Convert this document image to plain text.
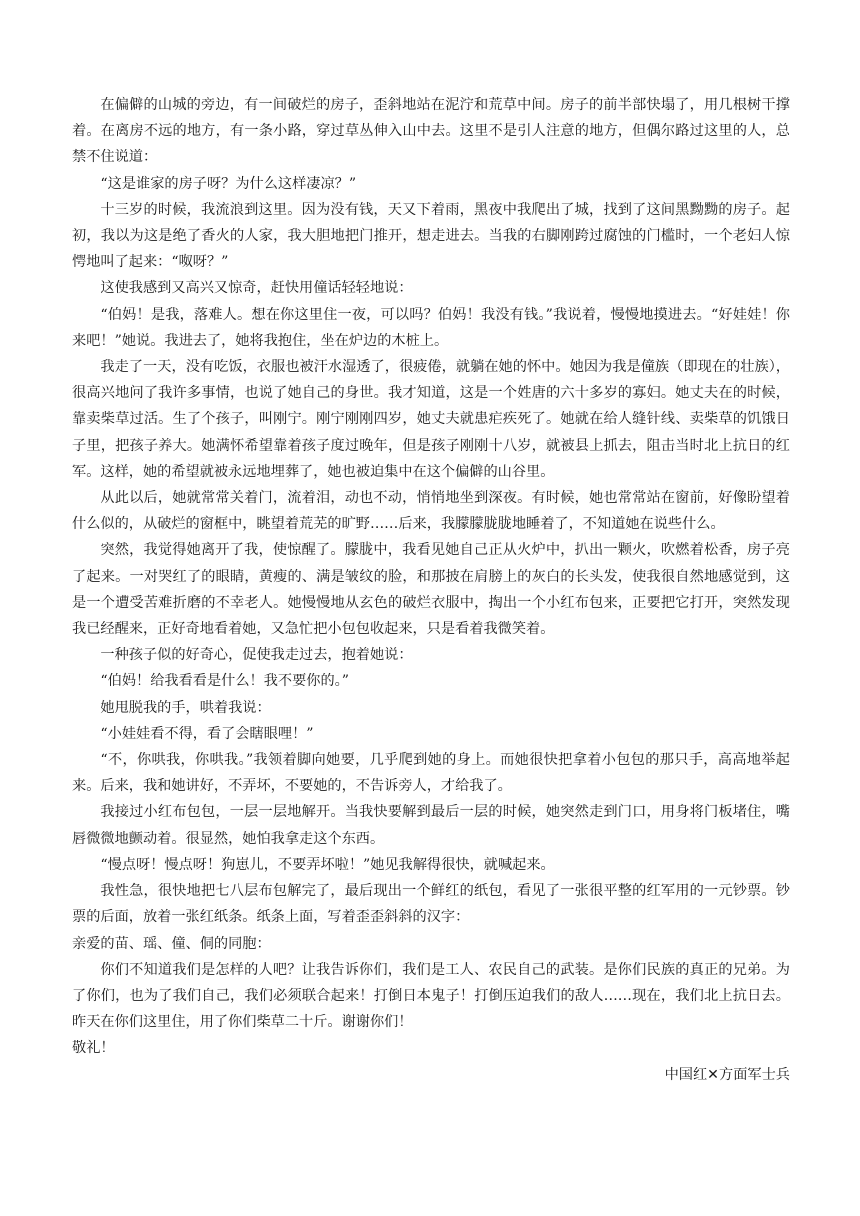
在偏僻的山城的旁边，有一间破烂的房子，歪斜地站在泥泞和荒草中间。房子的前半部快塌了，用几根树干撑着。在离房不远的地方，有一条小路，穿过草丛伸入山中去。这里不是引人注意的地方，但偶尔路过这里的人，总禁不住说道：

“这是谁家的房子呀？为什么这样凄凉？”

十三岁的时候，我流浪到这里。因为没有钱，天又下着雨，黑夜中我爬出了城，找到了这间黑黝黝的房子。起初，我以为这是绝了香火的人家，我大胆地把门推开，想走进去。当我的右脚刚跨过腐蚀的门槛时，一个老妇人惊愕地叫了起来：“呶呀？”

这使我感到又高兴又惊奇，赶快用僮话轻轻地说：

“伯妈！是我，落难人。想在你这里住一夜，可以吗？伯妈！我没有钱。”我说着，慢慢地摸进去。“好娃娃！你来吧！”她说。我进去了，她将我抱住，坐在炉边的木桩上。

我走了一天，没有吃饭，衣服也被汗水湿透了，很疲倦，就躺在她的怀中。她因为我是僮族（即现在的壮族），很高兴地问了我许多事情，也说了她自己的身世。我才知道，这是一个姓唐的六十多岁的寡妇。她丈夫在的时候，靠卖柴草过活。生了个孩子，叫刚宁。刚宁刚刚四岁，她丈夫就患疟疾死了。她就在给人缝针线、卖柴草的饥饿日子里，把孩子养大。她满怀希望靠着孩子度过晚年，但是孩子刚刚十八岁，就被县上抓去，阻击当时北上抗日的红军。这样，她的希望就被永远地埋葬了，她也被迫集中在这个偏僻的山谷里。

从此以后，她就常常关着门，流着泪，动也不动，悄悄地坐到深夜。有时候，她也常常站在窗前，好像盼望着什么似的，从破烂的窗框中，眺望着荒芜的旷野……后来，我朦朦胧胧地睡着了，不知道她在说些什么。

突然，我觉得她离开了我，使惊醒了。朦胧中，我看见她自己正从火炉中，扒出一颗火，吹燃着松香，房子亮了起来。一对哭红了的眼睛，黄瘦的、满是皱纹的脸，和那披在肩膀上的灰白的长头发，使我很自然地感觉到，这是一个遭受苦难折磨的不幸老人。她慢慢地从玄色的破烂衣服中，掏出一个小红布包来，正要把它打开，突然发现我已经醒来，正好奇地看着她，又急忙把小包包收起来，只是看着我微笑着。

一种孩子似的好奇心，促使我走过去，抱着她说：

“伯妈！给我看看是什么！我不要你的。”

她甩脱我的手，哄着我说：

“小娃娃看不得，看了会瞎眼哩！”

“不，你哄我，你哄我。”我领着脚向她要，几乎爬到她的身上。而她很快把拿着小包包的那只手，高高地举起来。后来，我和她讲好，不弄坏，不要她的，不告诉旁人，才给我了。

我接过小红布包包，一层一层地解开。当我快要解到最后一层的时候，她突然走到门口，用身将门板堵住，嘴唇微微地颤动着。很显然，她怕我拿走这个东西。

“慢点呀！慢点呀！狗崽儿，不要弄坏啦！”她见我解得很快，就喊起来。

我性急，很快地把七八层布包解完了，最后现出一个鲜红的纸包，看见了一张很平整的红军用的一元钞票。钞票的后面，放着一张红纸条。纸条上面，写着歪歪斜斜的汉字：

亲爱的苗、瑶、僮、侗的同胞：

你们不知道我们是怎样的人吧？让我告诉你们，我们是工人、农民自己的武装。是你们民族的真正的兄弟。为了你们，也为了我们自己，我们必须联合起来！打倒日本鬼子！打倒压迫我们的敌人……现在，我们北上抗日去。昨天在你们这里住，用了你们柴草二十斤。谢谢你们！

敬礼！

中国红✕方面军士兵
